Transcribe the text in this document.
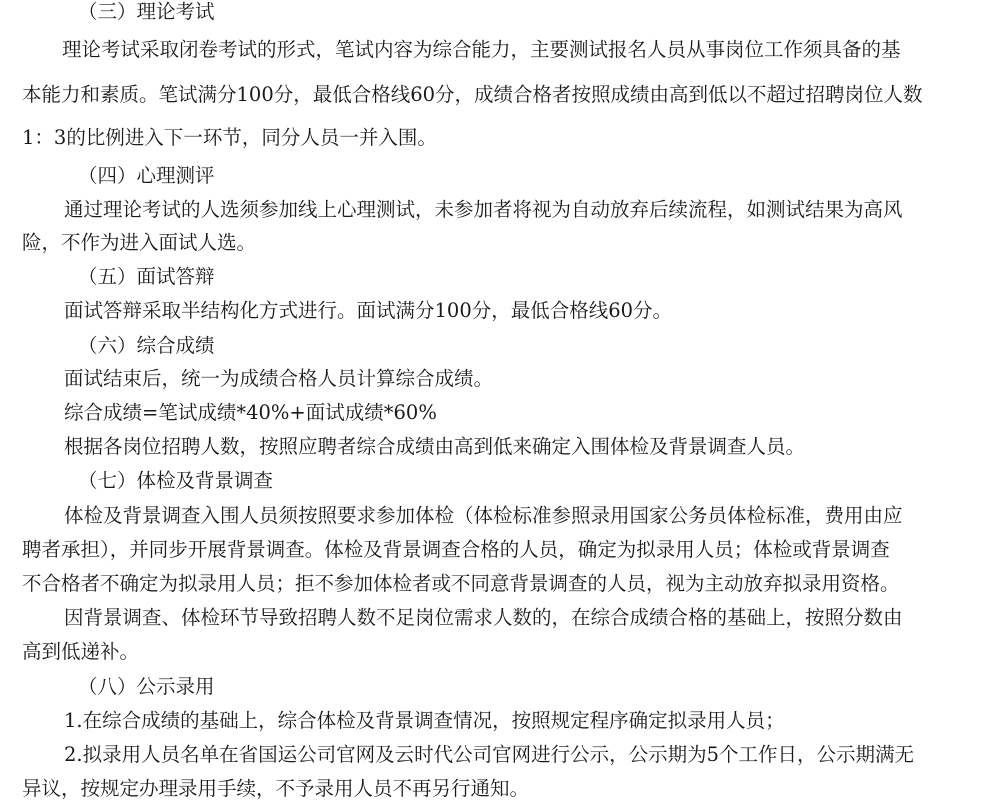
（三）理论考试

理论考试采取闭卷考试的形式，笔试内容为综合能力，主要测试报名人员从事岗位工作须具备的基

本能力和素质。笔试满分100分，最低合格线60分，成绩合格者按照成绩由高到低以不超过招聘岗位人数

1：3的比例进入下一环节，同分人员一并入围。

（四）心理测评

通过理论考试的人选须参加线上心理测试，未参加者将视为自动放弃后续流程，如测试结果为高风

险，不作为进入面试人选。

（五）面试答辩

面试答辩采取半结构化方式进行。面试满分100分，最低合格线60分。

（六）综合成绩

面试结束后，统一为成绩合格人员计算综合成绩。

综合成绩=笔试成绩*40%+面试成绩*60%

根据各岗位招聘人数，按照应聘者综合成绩由高到低来确定入围体检及背景调查人员。

（七）体检及背景调查

体检及背景调查入围人员须按照要求参加体检（体检标准参照录用国家公务员体检标准，费用由应

聘者承担），并同步开展背景调查。体检及背景调查合格的人员，确定为拟录用人员；体检或背景调查

不合格者不确定为拟录用人员；拒不参加体检者或不同意背景调查的人员，视为主动放弃拟录用资格。

因背景调查、体检环节导致招聘人数不足岗位需求人数的，在综合成绩合格的基础上，按照分数由

高到低递补。

（八）公示录用

1.在综合成绩的基础上，综合体检及背景调查情况，按照规定程序确定拟录用人员；

2.拟录用人员名单在省国运公司官网及云时代公司官网进行公示，公示期为5个工作日，公示期满无

异议，按规定办理录用手续，不予录用人员不再另行通知。
